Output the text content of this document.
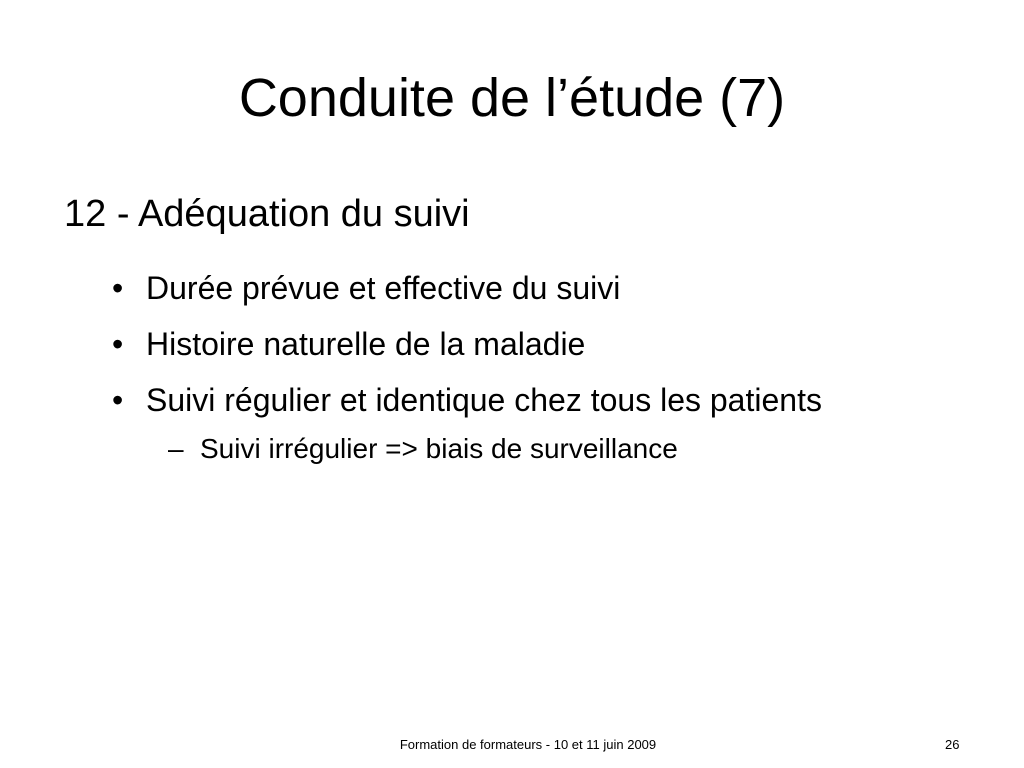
Conduite de l’étude (7)
12 - Adéquation du suivi
• Durée prévue et effective du suivi
• Histoire naturelle de la maladie
• Suivi régulier et identique chez tous les patients
– Suivi irrégulier => biais de surveillance
Formation de formateurs - 10 et 11 juin 2009	26
